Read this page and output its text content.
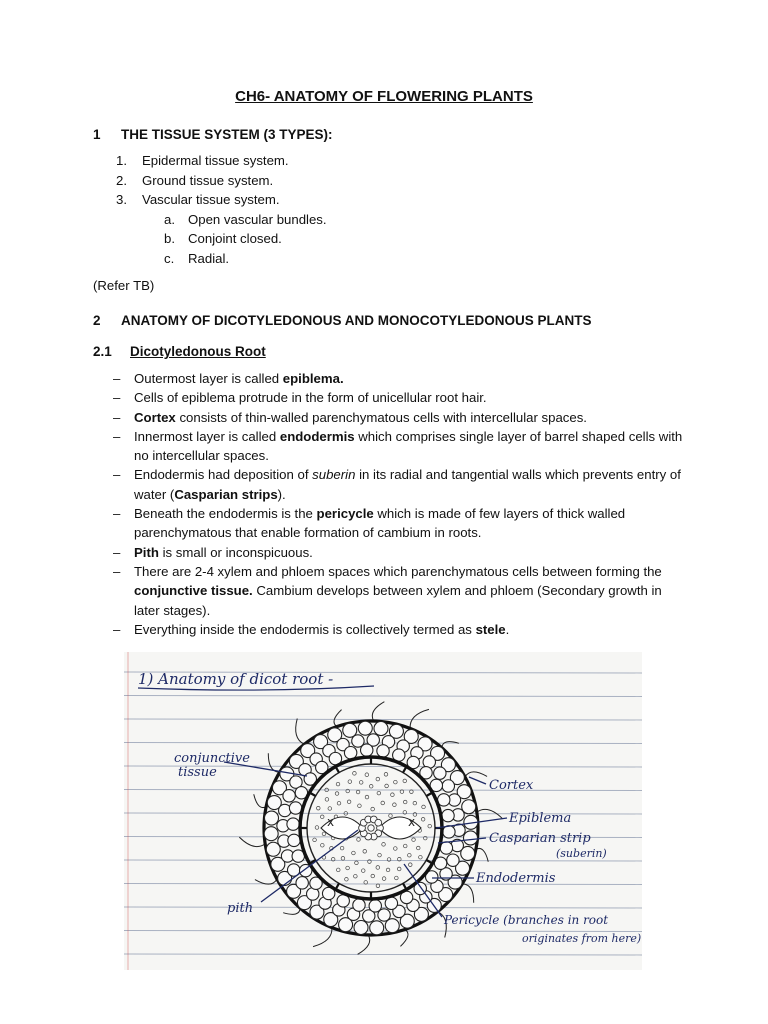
CH6- ANATOMY OF FLOWERING PLANTS
1 THE TISSUE SYSTEM (3 TYPES):
1. Epidermal tissue system.
2. Ground tissue system.
3. Vascular tissue system.
a. Open vascular bundles.
b. Conjoint closed.
c. Radial.
(Refer TB)
2 ANATOMY OF DICOTYLEDONOUS AND MONOCOTYLEDONOUS PLANTS
2.1 Dicotyledonous Root
– Outermost layer is called epiblema.
– Cells of epiblema protrude in the form of unicellular root hair.
– Cortex consists of thin-walled parenchymatous cells with intercellular spaces.
– Innermost layer is called endodermis which comprises single layer of barrel shaped cells with no intercellular spaces.
– Endodermis had deposition of suberin in its radial and tangential walls which prevents entry of water (Casparian strips).
– Beneath the endodermis is the pericycle which is made of few layers of thick walled parenchymatous that enable formation of cambium in roots.
– Pith is small or inconspicuous.
– There are 2-4 xylem and phloem spaces which parenchymatous cells between forming the conjunctive tissue. Cambium develops between xylem and phloem (Secondary growth in later stages).
– Everything inside the endodermis is collectively termed as stele.
1) Anatomy of dicot root -
x	x
conjunctive
tissue
Cortex
Epiblema
Casparian strip
(suberin)
Endodermis
pith
Pericycle (branches in root
originates from here)
